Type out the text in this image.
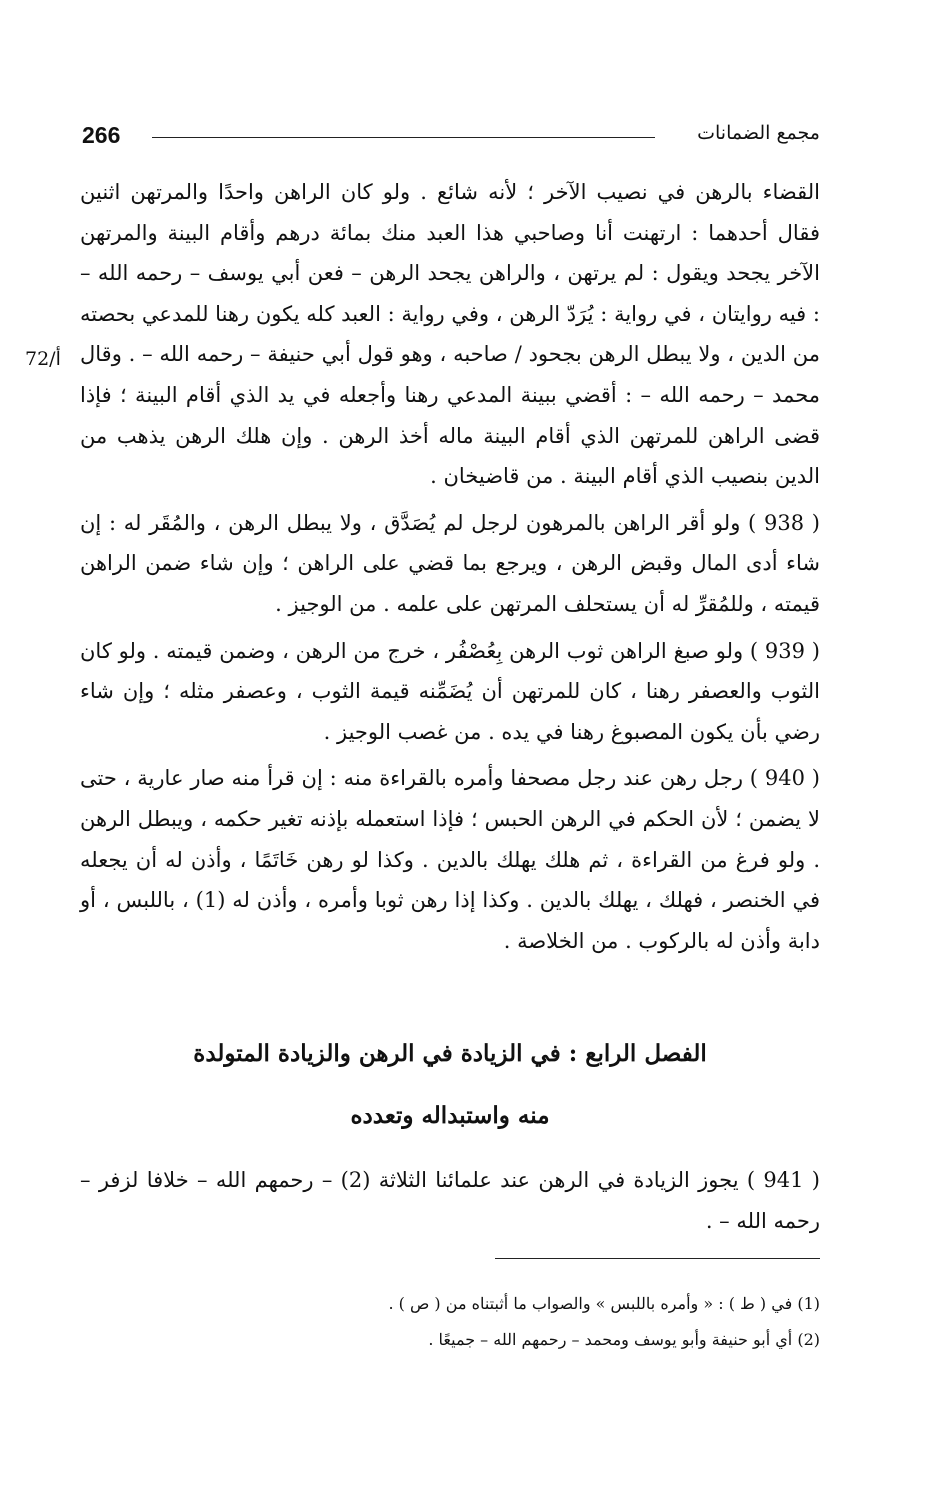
266	مجمع الضمانات
72/أ

القضاء بالرهن في نصيب الآخر ؛ لأنه شائع . ولو كان الراهن واحدًا والمرتهن اثنين فقال أحدهما : ارتهنت أنا وصاحبي هذا العبد منك بمائة درهم وأقام البينة والمرتهن الآخر يجحد ويقول : لم يرتهن ، والراهن يجحد الرهن – فعن أبي يوسف – رحمه الله – : فيه روايتان ، في رواية : يُرَدّ الرهن ، وفي رواية : العبد كله يكون رهنا للمدعي بحصته من الدين ، ولا يبطل الرهن بجحود / صاحبه ، وهو قول أبي حنيفة – رحمه الله – . وقال محمد – رحمه الله – : أقضي ببينة المدعي رهنا وأجعله في يد الذي أقام البينة ؛ فإذا قضى الراهن للمرتهن الذي أقام البينة ماله أخذ الرهن . وإن هلك الرهن يذهب من الدين بنصيب الذي أقام البينة . من قاضيخان .

( 938 ) ولو أقر الراهن بالمرهون لرجل لم يُصَدَّق ، ولا يبطل الرهن ، والمُقَر له : إن شاء أدى المال وقبض الرهن ، ويرجع بما قضي على الراهن ؛ وإن شاء ضمن الراهن قيمته ، وللمُقرِّ له أن يستحلف المرتهن على علمه . من الوجيز .

( 939 ) ولو صبغ الراهن ثوب الرهن بِعُصْفُر ، خرج من الرهن ، وضمن قيمته . ولو كان الثوب والعصفر رهنا ، كان للمرتهن أن يُضَمِّنه قيمة الثوب ، وعصفر مثله ؛ وإن شاء رضي بأن يكون المصبوغ رهنا في يده . من غصب الوجيز .

( 940 ) رجل رهن عند رجل مصحفا وأمره بالقراءة منه : إن قرأ منه صار عارية ، حتى لا يضمن ؛ لأن الحكم في الرهن الحبس ؛ فإذا استعمله بإذنه تغير حكمه ، ويبطل الرهن . ولو فرغ من القراءة ، ثم هلك يهلك بالدين . وكذا لو رهن خَاتَمًا ، وأذن له أن يجعله في الخنصر ، فهلك ، يهلك بالدين . وكذا إذا رهن ثوبا وأمره ، وأذن له (1) ، باللبس ، أو دابة وأذن له بالركوب . من الخلاصة .

الفصل الرابع : في الزيادة في الرهن والزيادة المتولدة
منه واستبداله وتعدده

( 941 ) يجوز الزيادة في الرهن عند علمائنا الثلاثة (2) – رحمهم الله – خلافا لزفر – رحمه الله – .

(1) في ( ط ) : « وأمره باللبس » والصواب ما أثبتناه من ( ص ) .

(2) أي أبو حنيفة وأبو يوسف ومحمد – رحمهم الله – جميعًا .
